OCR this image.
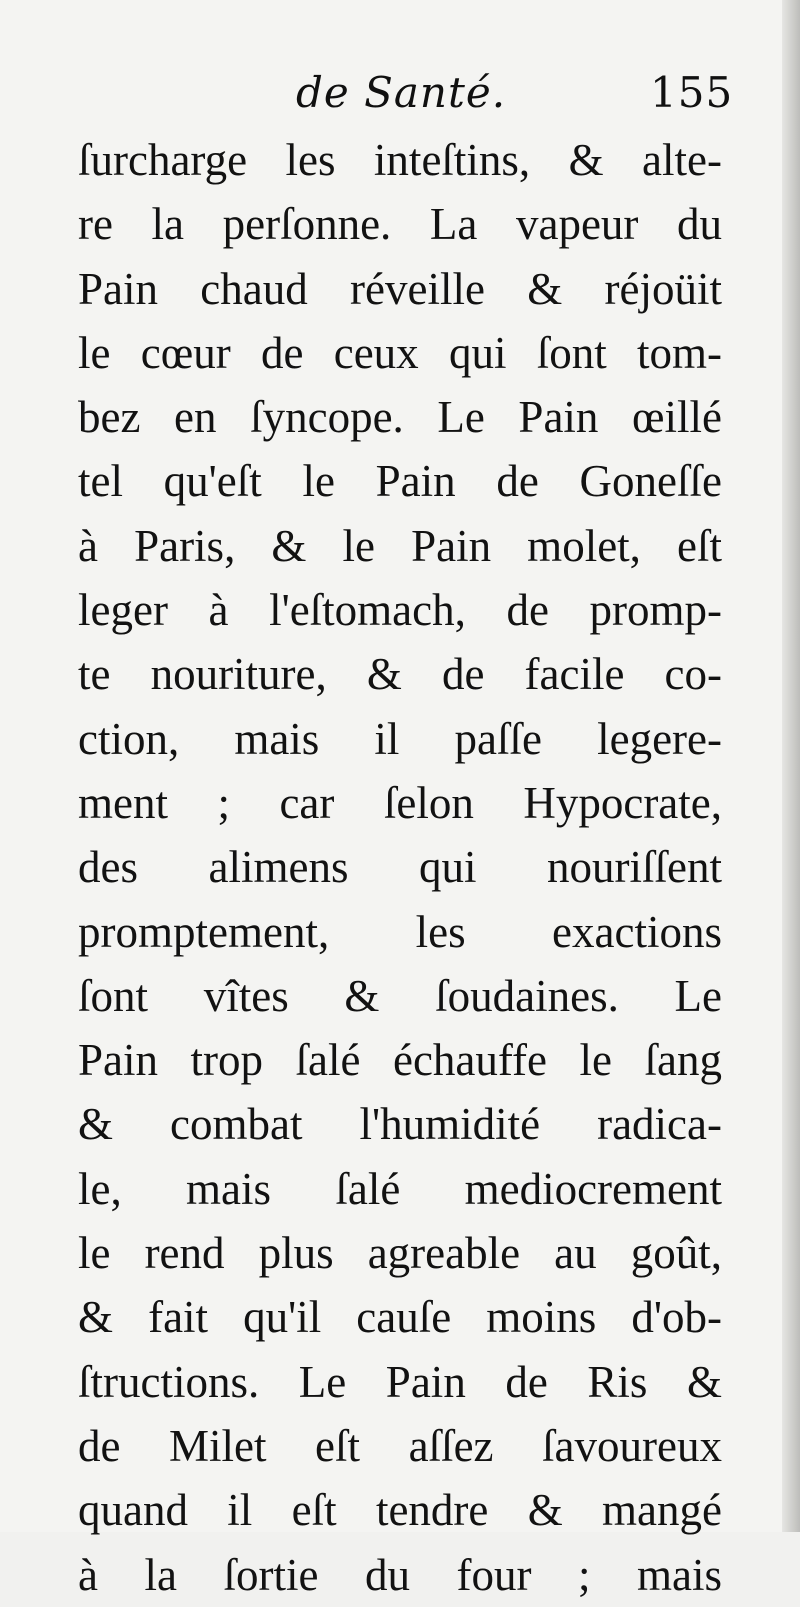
de Santé.	155
ſurcharge les inteſtins, & alte-
re la perſonne. La vapeur du
Pain chaud réveille & réjoüit
le cœur de ceux qui ſont tom-
bez en ſyncope. Le Pain œillé
tel qu'eſt le Pain de Goneſſe
à Paris, & le Pain molet, eſt
leger à l'eſtomach, de promp-
te nouriture, & de facile co-
ction, mais il paſſe legere-
ment ; car ſelon Hypocrate,
des alimens qui nouriſſent
promptement, les exactions
ſont vîtes & ſoudaines. Le
Pain trop ſalé échauffe le ſang
& combat l'humidité radica-
le, mais ſalé mediocrement
le rend plus agreable au goût,
& fait qu'il cauſe moins d'ob-
ſtructions. Le Pain de Ris &
de Milet eſt aſſez ſavoureux
quand il eſt tendre & mangé
à la ſortie du four ; mais
